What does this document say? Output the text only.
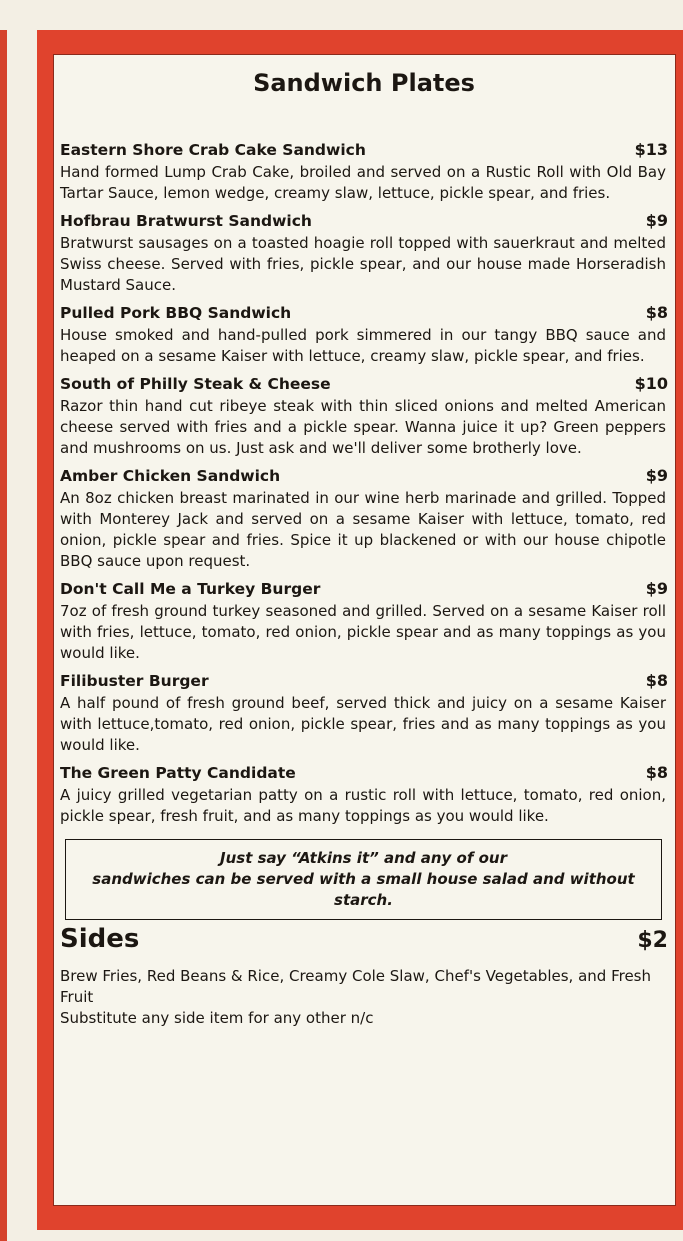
Sandwich Plates
Eastern Shore Crab Cake Sandwich	$13
Hand formed Lump Crab Cake, broiled and served on a Rustic Roll with Old Bay Tartar Sauce, lemon wedge, creamy slaw, lettuce, pickle spear, and fries.
Hofbrau Bratwurst Sandwich	$9
Bratwurst sausages on a toasted hoagie roll topped with sauerkraut and melted Swiss cheese. Served with fries, pickle spear, and our house made Horseradish Mustard Sauce.
Pulled Pork BBQ Sandwich	$8
House smoked and hand-pulled pork simmered in our tangy BBQ sauce and heaped on a sesame Kaiser with lettuce, creamy slaw, pickle spear, and fries.
South of Philly Steak & Cheese	$10
Razor thin hand cut ribeye steak with thin sliced onions and melted American cheese served with fries and a pickle spear. Wanna juice it up? Green peppers and mushrooms on us. Just ask and we'll deliver some brotherly love.
Amber Chicken Sandwich	$9
An 8oz chicken breast marinated in our wine herb marinade and grilled. Topped with Monterey Jack and served on a sesame Kaiser with lettuce, tomato, red onion, pickle spear and fries. Spice it up blackened or with our house chipotle BBQ sauce upon request.
Don't Call Me a Turkey Burger	$9
7oz of fresh ground turkey seasoned and grilled. Served on a sesame Kaiser roll with fries, lettuce, tomato, red onion, pickle spear and as many toppings as you would like.
Filibuster Burger	$8
A half pound of fresh ground beef, served thick and juicy on a sesame Kaiser with lettuce,tomato, red onion, pickle spear, fries and as many toppings as you would like.
The Green Patty Candidate	$8
A juicy grilled vegetarian patty on a rustic roll with lettuce, tomato, red onion, pickle spear, fresh fruit, and as many toppings as you would like.
Just say “Atkins it” and any of our
sandwiches can be served with a small house salad and without starch.
Sides	$2
Brew Fries, Red Beans & Rice, Creamy Cole Slaw, Chef's Vegetables, and Fresh Fruit
Substitute any side item for any other n/c
